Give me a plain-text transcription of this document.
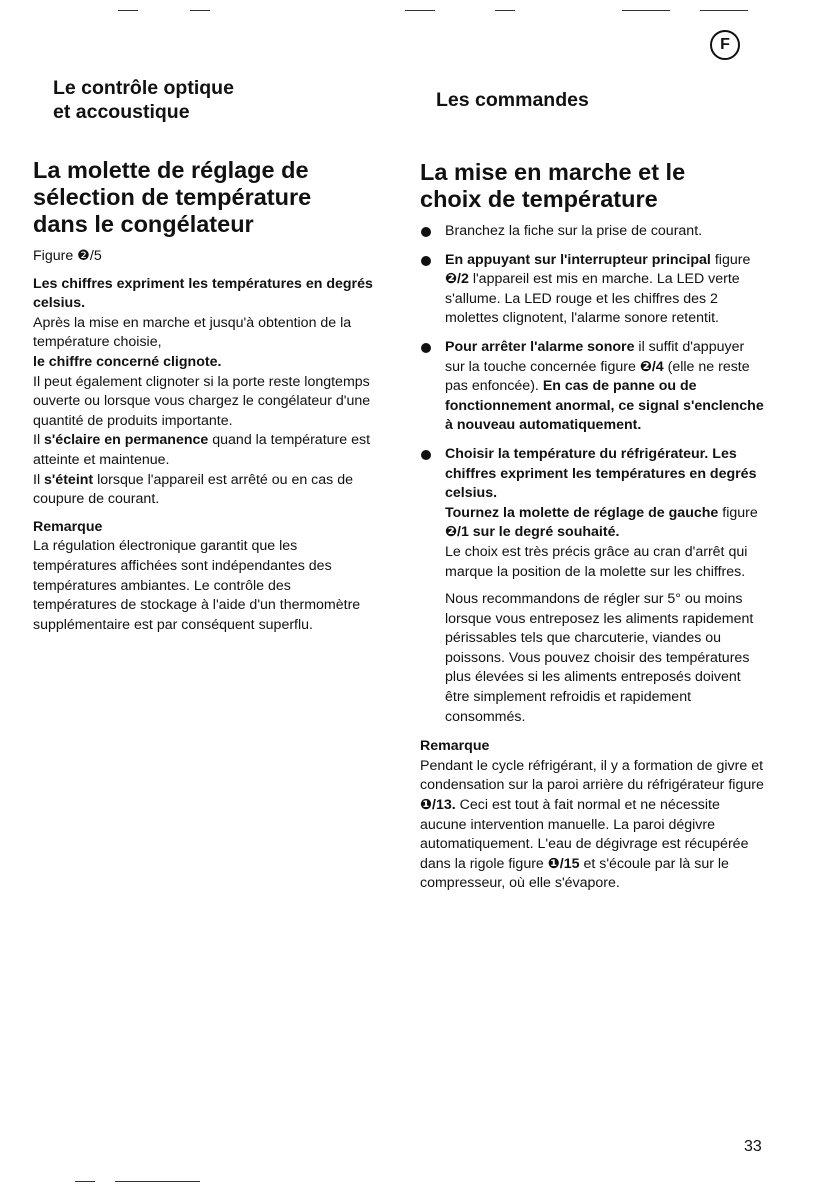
F
Le contrôle optique
et accoustique
La molette de réglage de
sélection de température
dans le congélateur

Figure ❷/5

Les chiffres expriment les températures en degrés celsius.

Après la mise en marche et jusqu'à obtention de la température choisie,
le chiffre concerné clignote.

Il peut également clignoter si la porte reste longtemps ouverte ou lorsque vous chargez le congélateur d'une quantité de produits importante.

Il s'éclaire en permanence quand la température est atteinte et maintenue.

Il s'éteint lorsque l'appareil est arrêté ou en cas de coupure de courant.

Remarque

La régulation électronique garantit que les températures affichées sont indépendantes des températures ambiantes. Le contrôle des températures de stockage à l'aide d'un thermomètre supplémentaire est par conséquent superflu.

Les commandes
La mise en marche et le
choix de température
Branchez la fiche sur la prise de courant.
En appuyant sur l'interrupteur principal figure ❷/2 l'appareil est mis en marche. La LED verte s'allume. La LED rouge et les chiffres des 2 molettes clignotent, l'alarme sonore retentit.
Pour arrêter l'alarme sonore il suffit d'appuyer sur la touche concernée figure ❷/4 (elle ne reste pas enfoncée). En cas de panne ou de fonctionnement anormal, ce signal s'enclenche à nouveau automatiquement.
Choisir la température du réfrigérateur. Les chiffres expriment les températures en degrés celsius.
Tournez la molette de réglage de gauche figure ❷/1 sur le degré souhaité.
Le choix est très précis grâce au cran d'arrêt qui marque la position de la molette sur les chiffres.

Nous recommandons de régler sur 5° ou moins lorsque vous entreposez les aliments rapidement périssables tels que charcuterie, viandes ou poissons. Vous pouvez choisir des températures plus élevées si les aliments entreposés doivent être simplement refroidis et rapidement consommés.

Remarque

Pendant le cycle réfrigérant, il y a formation de givre et condensation sur la paroi arrière du réfrigérateur figure ❶/13. Ceci est tout à fait normal et ne nécessite aucune intervention manuelle. La paroi dégivre automatiquement. L'eau de dégivrage est récupérée dans la rigole figure ❶/15 et s'écoule par là sur le compresseur, où elle s'évapore.

33
